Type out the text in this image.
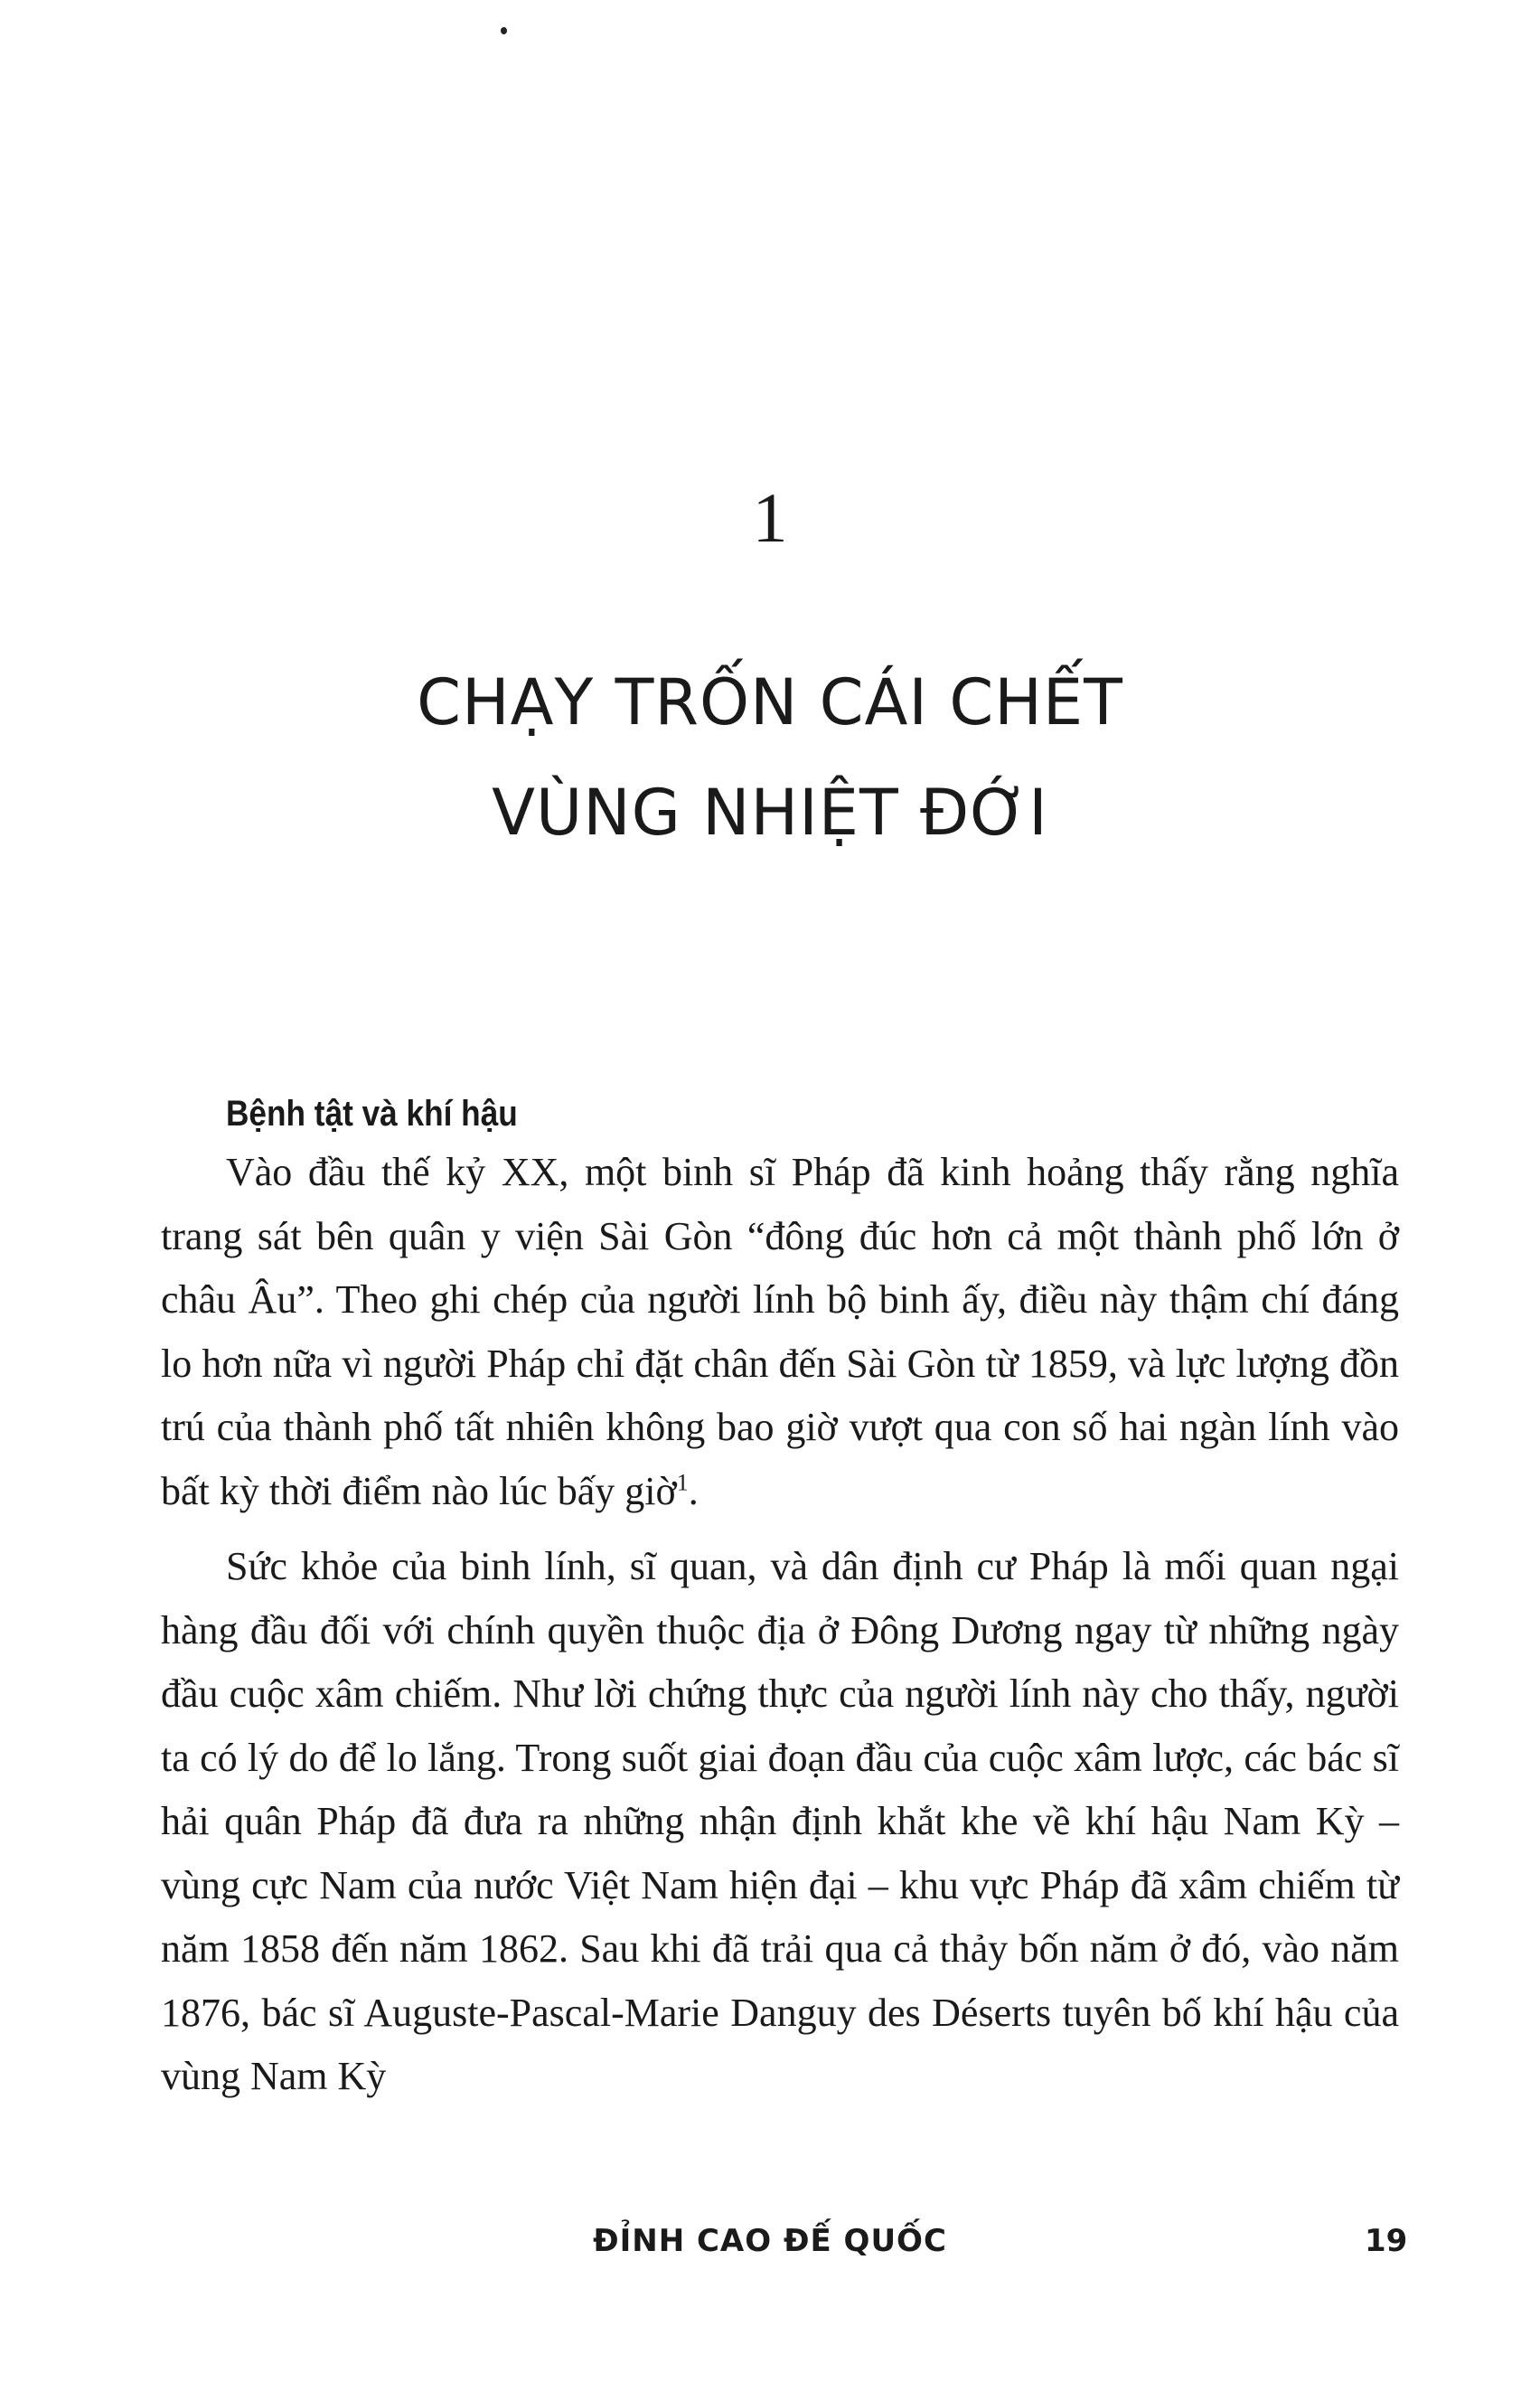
1
CHẠY TRỐN CÁI CHẾT
VÙNG NHIỆT ĐỚI
Bệnh tật và khí hậu

Vào đầu thế kỷ XX, một binh sĩ Pháp đã kinh hoảng thấy rằng nghĩa trang sát bên quân y viện Sài Gòn “đông đúc hơn cả một thành phố lớn ở châu Âu”. Theo ghi chép của người lính bộ binh ấy, điều này thậm chí đáng lo hơn nữa vì người Pháp chỉ đặt chân đến Sài Gòn từ 1859, và lực lượng đồn trú của thành phố tất nhiên không bao giờ vượt qua con số hai ngàn lính vào bất kỳ thời điểm nào lúc bấy giờ$^1$.

Sức khỏe của binh lính, sĩ quan, và dân định cư Pháp là mối quan ngại hàng đầu đối với chính quyền thuộc địa ở Đông Dương ngay từ những ngày đầu cuộc xâm chiếm. Như lời chứng thực của người lính này cho thấy, người ta có lý do để lo lắng. Trong suốt giai đoạn đầu của cuộc xâm lược, các bác sĩ hải quân Pháp đã đưa ra những nhận định khắt khe về khí hậu Nam Kỳ – vùng cực Nam của nước Việt Nam hiện đại – khu vực Pháp đã xâm chiếm từ năm 1858 đến năm 1862. Sau khi đã trải qua cả thảy bốn năm ở đó, vào năm 1876, bác sĩ Auguste-Pascal-Marie Danguy des Déserts tuyên bố khí hậu của vùng Nam Kỳ

ĐỈNH CAO ĐẾ QUỐC	19
